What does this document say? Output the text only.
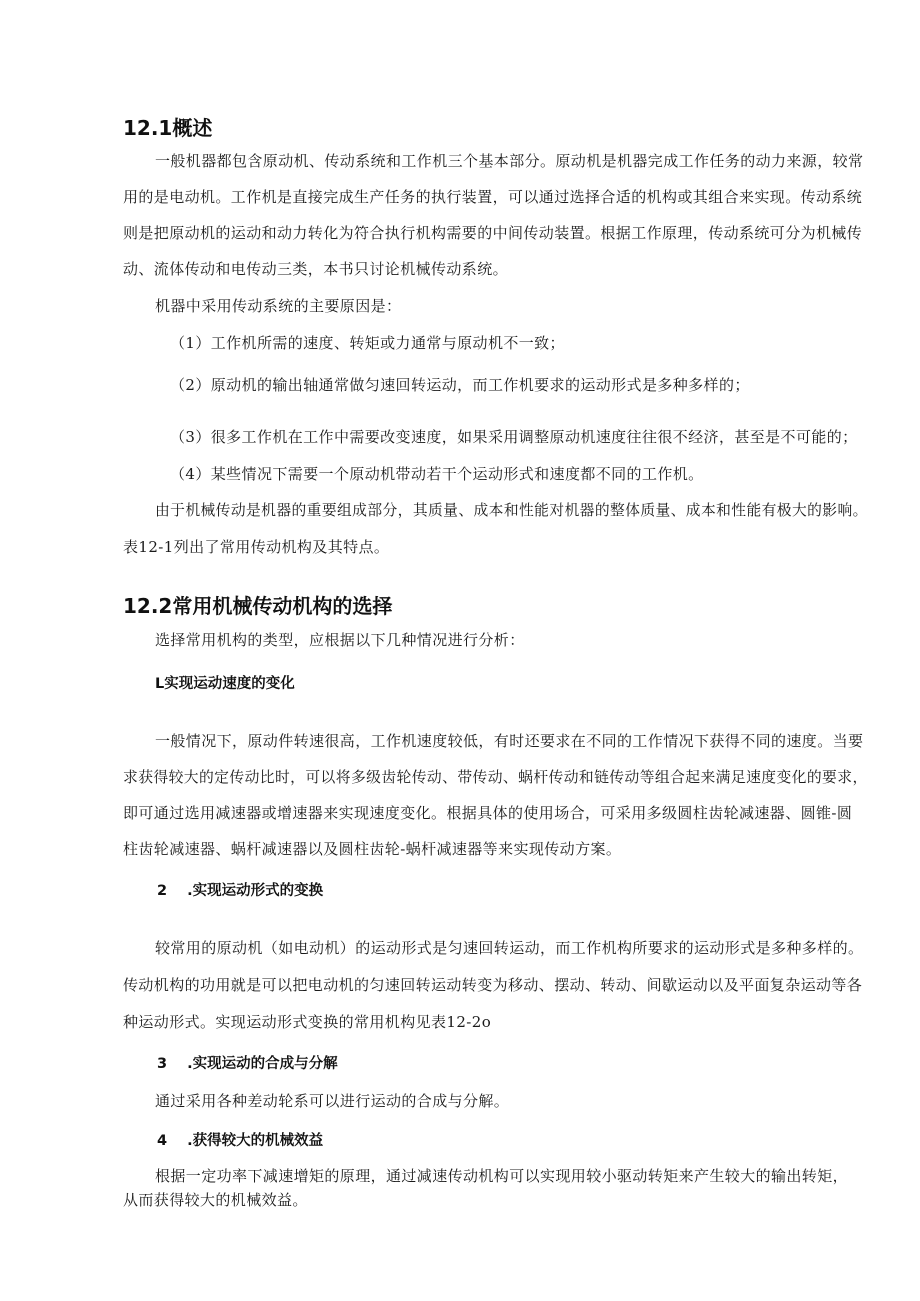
12.1概述

一般机器都包含原动机、传动系统和工作机三个基本部分。原动机是机器完成工作任务的动力来源，较常

用的是电动机。工作机是直接完成生产任务的执行装置，可以通过选择合适的机构或其组合来实现。传动系统

则是把原动机的运动和动力转化为符合执行机构需要的中间传动装置。根据工作原理，传动系统可分为机械传

动、流体传动和电传动三类，本书只讨论机械传动系统。

机器中采用传动系统的主要原因是：

（1）工作机所需的速度、转矩或力通常与原动机不一致；
（2）原动机的输出轴通常做匀速回转运动，而工作机要求的运动形式是多种多样的；
（3）很多工作机在工作中需要改变速度，如果采用调整原动机速度往往很不经济，甚至是不可能的；
（4）某些情况下需要一个原动机带动若干个运动形式和速度都不同的工作机。

由于机械传动是机器的重要组成部分，其质量、成本和性能对机器的整体质量、成本和性能有极大的影响。

表12-1列出了常用传动机构及其特点。

12.2常用机械传动机构的选择

选择常用机构的类型，应根据以下几种情况进行分析：

L实现运动速度的变化

一般情况下，原动件转速很高，工作机速度较低，有时还要求在不同的工作情况下获得不同的速度。当要

求获得较大的定传动比时，可以将多级齿轮传动、带传动、蜗杆传动和链传动等组合起来满足速度变化的要求，

即可通过选用减速器或增速器来实现速度变化。根据具体的使用场合，可采用多级圆柱齿轮减速器、圆锥-圆

柱齿轮减速器、蜗杆减速器以及圆柱齿轮-蜗杆减速器等来实现传动方案。

2 .实现运动形式的变换

较常用的原动机（如电动机）的运动形式是匀速回转运动，而工作机构所要求的运动形式是多种多样的。

传动机构的功用就是可以把电动机的匀速回转运动转变为移动、摆动、转动、间歇运动以及平面复杂运动等各

种运动形式。实现运动形式变换的常用机构见表12-2o

3 .实现运动的合成与分解

通过采用各种差动轮系可以进行运动的合成与分解。

4 .获得较大的机械效益

根据一定功率下减速增矩的原理，通过减速传动机构可以实现用较小驱动转矩来产生较大的输出转矩，

从而获得较大的机械效益。
